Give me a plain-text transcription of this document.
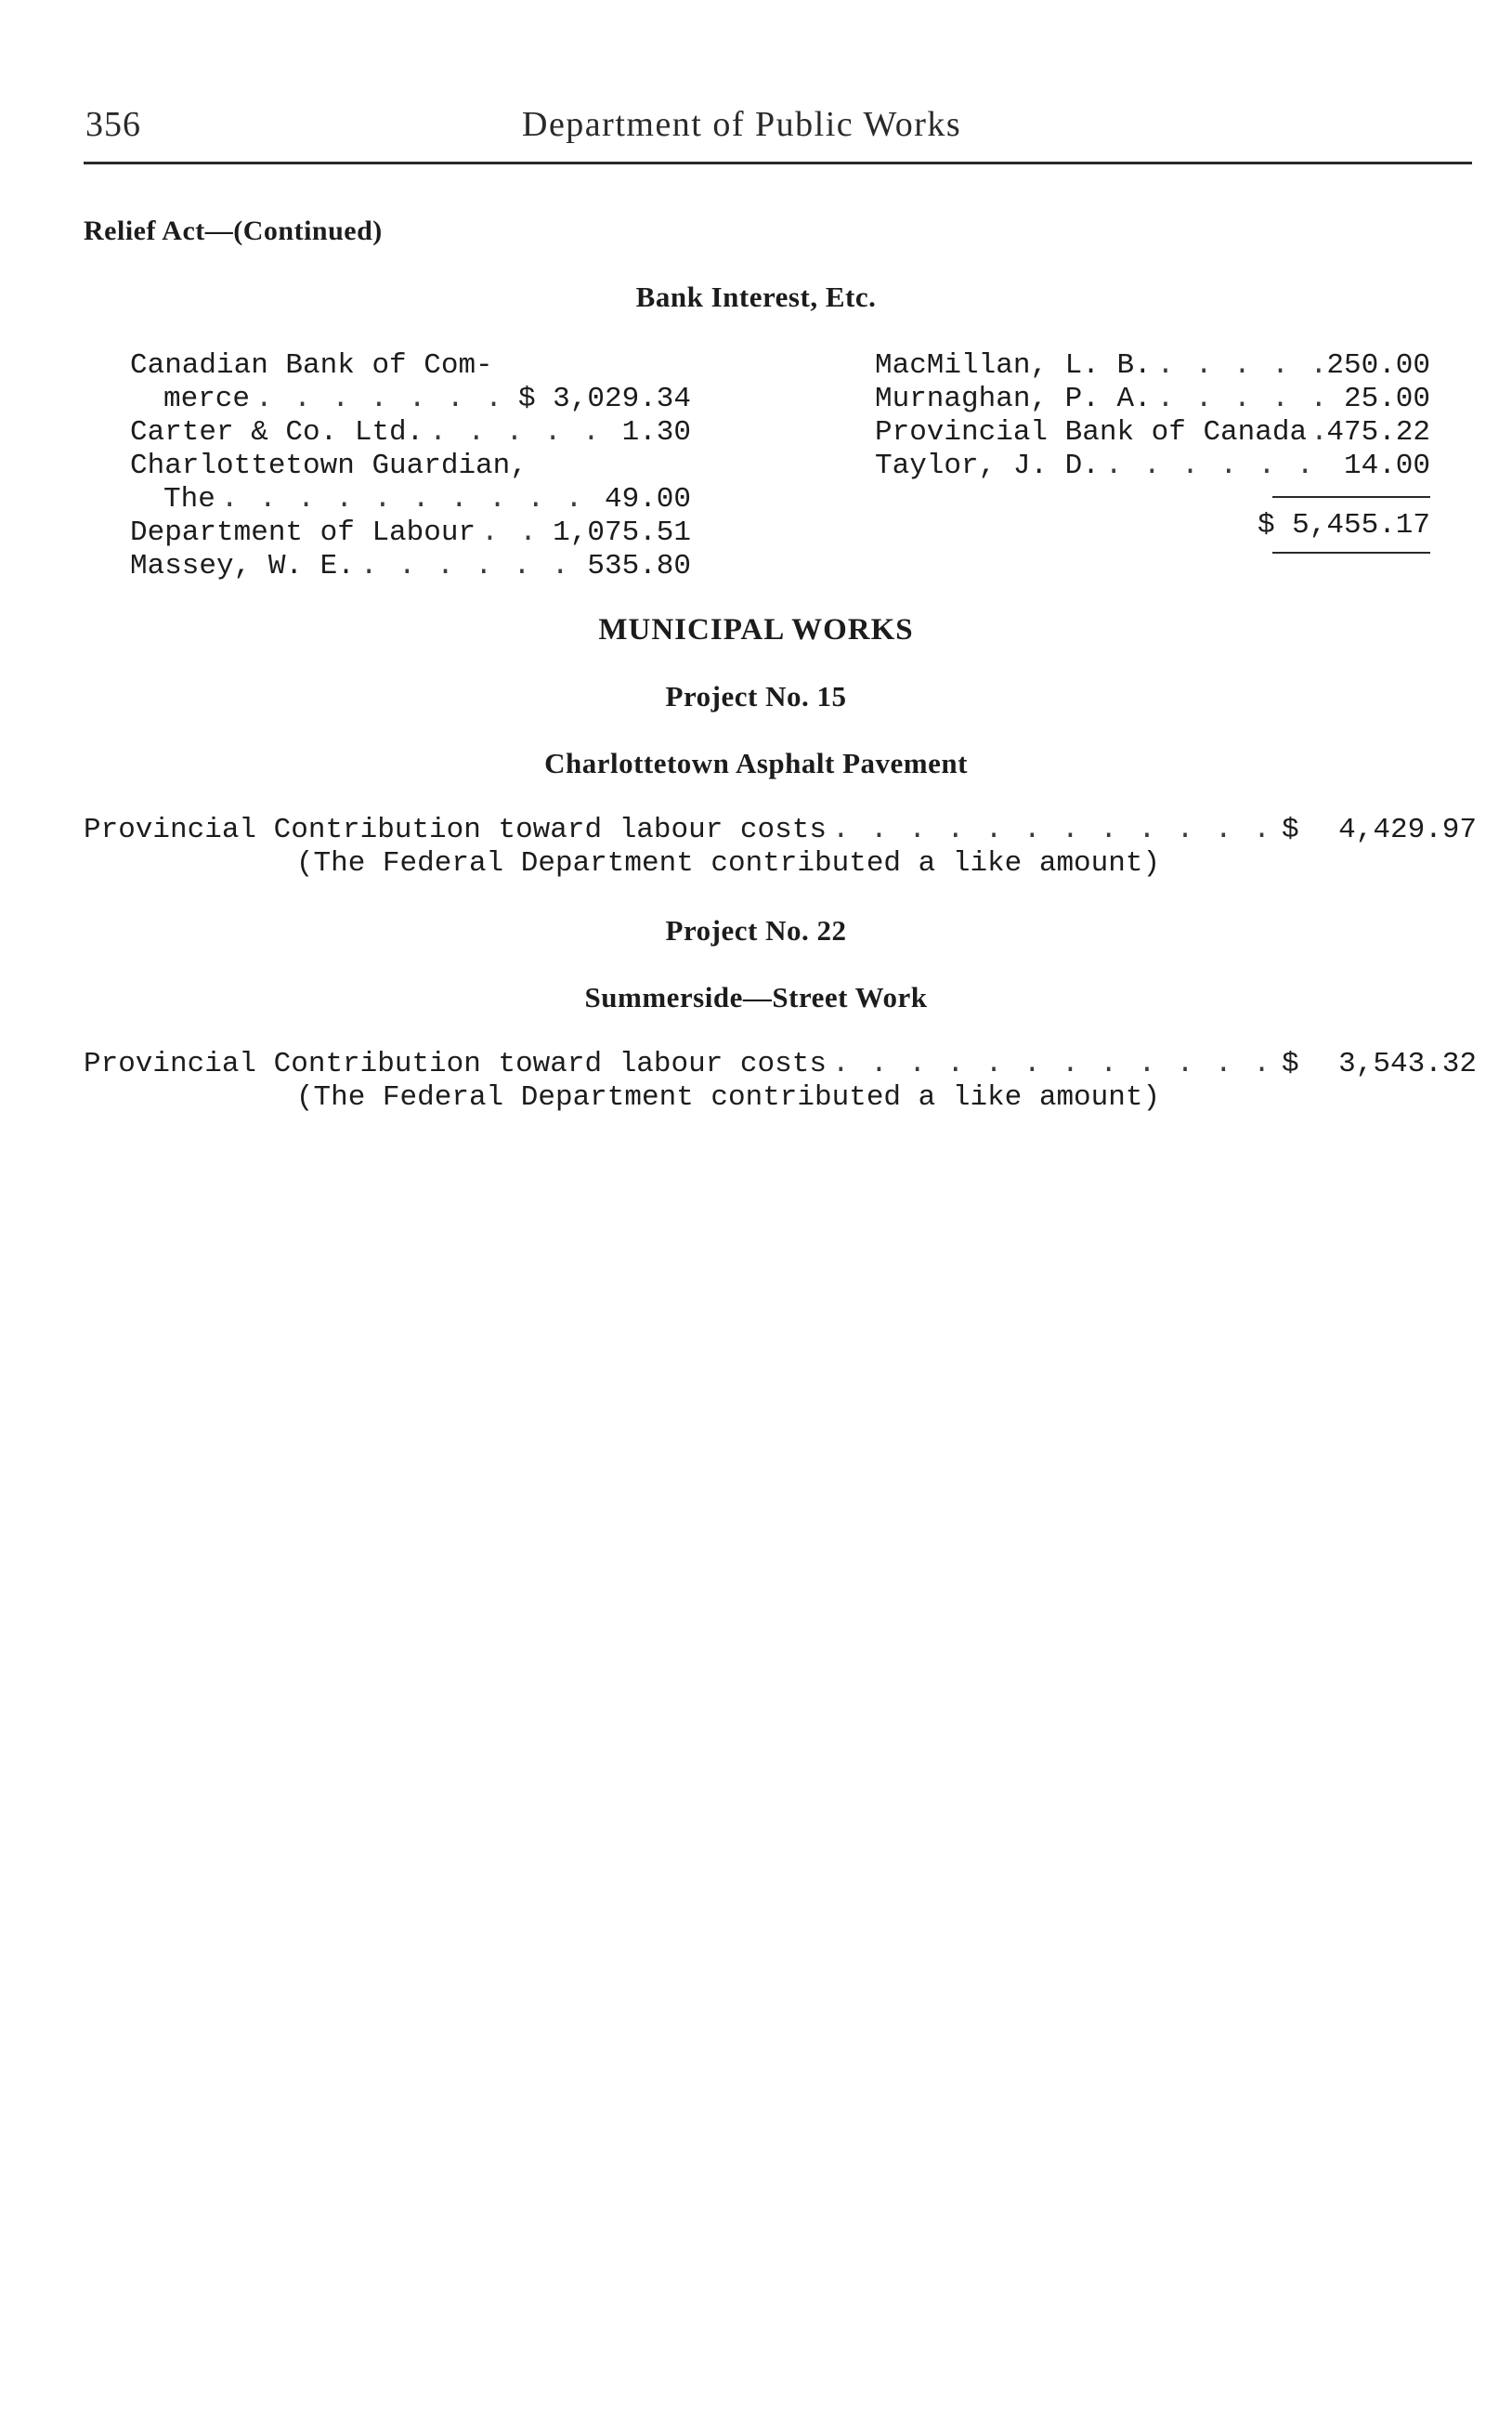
356	Department of Public Works
Relief Act—(Continued)
Bank Interest, Etc.
Canadian Bank of Com-
merce . . .	$ 3,029.34
Carter & Co. Ltd. . . .	1.30
Charlottetown Guardian,
The . . .	49.00
Department of Labour . . .	1,075.51
Massey, W. E. . . .	535.80
MacMillan, L. B. . . .	250.00
Murnaghan, P. A. . . .	25.00
Provincial Bank of Canada . . . 475.22
Taylor, J. D. . . .	14.00
$ 5,455.17
MUNICIPAL WORKS
Project No. 15
Charlottetown Asphalt Pavement
Provincial Contribution toward labour costs . . .	$ 4,429.97
(The Federal Department contributed a like amount)
Project No. 22
Summerside—Street Work
Provincial Contribution toward labour costs . . .	$ 3,543.32
(The Federal Department contributed a like amount)
